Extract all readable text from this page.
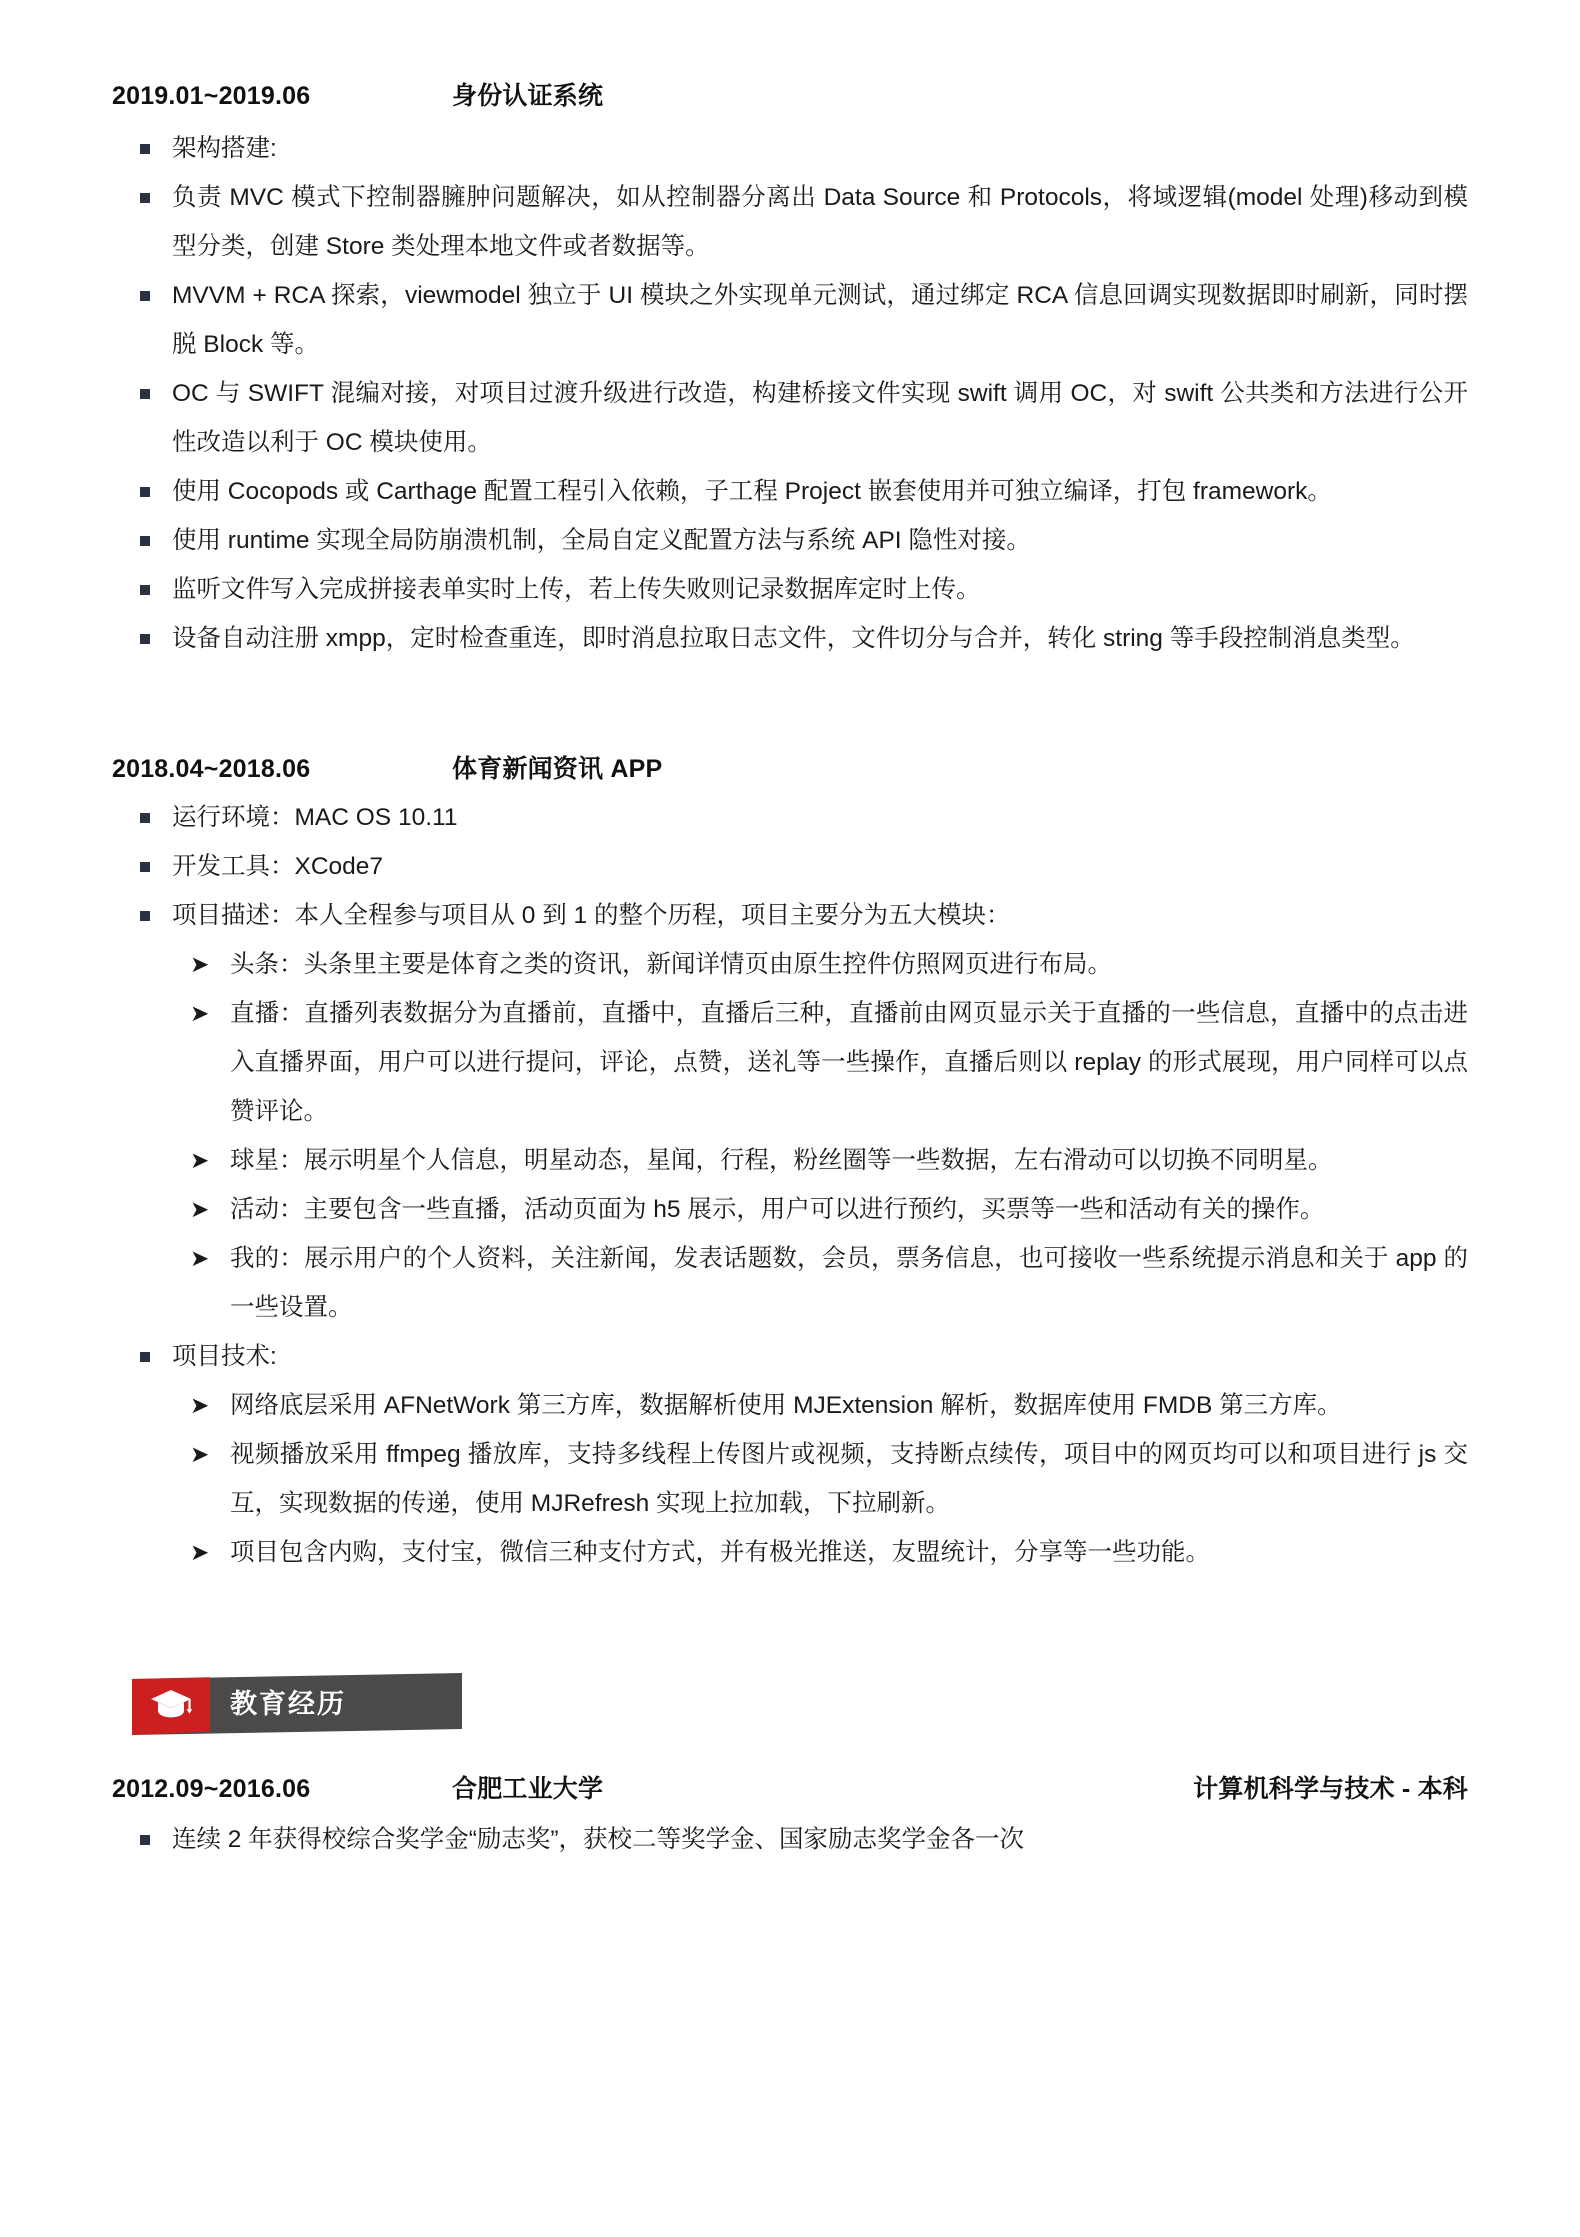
2019.01~2019.06	身份认证系统
架构搭建:
负责 MVC 模式下控制器臃肿问题解决，如从控制器分离出 Data Source 和 Protocols，将域逻辑(model 处理)移动到模型分类，创建 Store 类处理本地文件或者数据等。
MVVM + RCA 探索，viewmodel 独立于 UI 模块之外实现单元测试，通过绑定 RCA 信息回调实现数据即时刷新，同时摆脱 Block 等。
OC 与 SWIFT 混编对接，对项目过渡升级进行改造，构建桥接文件实现 swift 调用 OC，对 swift 公共类和方法进行公开性改造以利于 OC 模块使用。
使用 Cocopods 或 Carthage 配置工程引入依赖，子工程 Project 嵌套使用并可独立编译，打包 framework。
使用 runtime 实现全局防崩溃机制，全局自定义配置方法与系统 API 隐性对接。
监听文件写入完成拼接表单实时上传，若上传失败则记录数据库定时上传。
设备自动注册 xmpp，定时检查重连，即时消息拉取日志文件，文件切分与合并，转化 string 等手段控制消息类型。
2018.04~2018.06	体育新闻资讯 APP
运行环境：MAC OS 10.11
开发工具：XCode7
项目描述：本人全程参与项目从 0 到 1 的整个历程，项目主要分为五大模块：
➤ 头条：头条里主要是体育之类的资讯，新闻详情页由原生控件仿照网页进行布局。
➤ 直播：直播列表数据分为直播前，直播中，直播后三种，直播前由网页显示关于直播的一些信息，直播中的点击进入直播界面，用户可以进行提问，评论，点赞，送礼等一些操作，直播后则以 replay 的形式展现，用户同样可以点赞评论。
➤ 球星：展示明星个人信息，明星动态，星闻，行程，粉丝圈等一些数据，左右滑动可以切换不同明星。
➤ 活动：主要包含一些直播，活动页面为 h5 展示，用户可以进行预约，买票等一些和活动有关的操作。
➤ 我的：展示用户的个人资料，关注新闻，发表话题数，会员，票务信息，也可接收一些系统提示消息和关于 app 的一些设置。
项目技术:
➤ 网络底层采用 AFNetWork 第三方库，数据解析使用 MJExtension 解析，数据库使用 FMDB 第三方库。
➤ 视频播放采用 ffmpeg 播放库，支持多线程上传图片或视频，支持断点续传，项目中的网页均可以和项目进行 js 交互，实现数据的传递，使用 MJRefresh 实现上拉加载，下拉刷新。
➤ 项目包含内购，支付宝，微信三种支付方式，并有极光推送，友盟统计，分享等一些功能。
教育经历
2012.09~2016.06	合肥工业大学	计算机科学与技术 - 本科
连续 2 年获得校综合奖学金“励志奖”，获校二等奖学金、国家励志奖学金各一次
